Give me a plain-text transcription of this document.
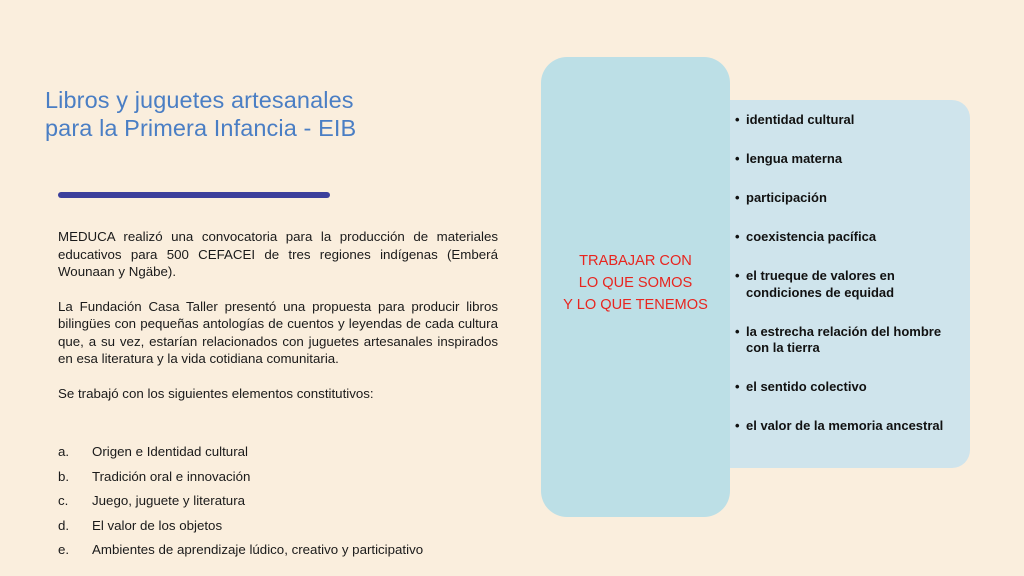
Libros y juguetes artesanales
para la Primera Infancia - EIB

MEDUCA realizó una convocatoria para la producción de materiales educativos para 500 CEFACEI de tres regiones indígenas (Emberá Wounaan y Ngäbe).

La Fundación Casa Taller presentó una propuesta para producir libros bilingües con pequeñas antologías de cuentos y leyendas de cada cultura que, a su vez, estarían relacionados con juguetes artesanales inspirados en esa literatura y la vida cotidiana comunitaria.

Se trabajó con los siguientes elementos constitutivos:

a.	Origen e Identidad cultural
b.	Tradición oral e innovación
c.	Juego, juguete y literatura
d.	El valor de los objetos
e.	Ambientes de aprendizaje lúdico, creativo y participativo
TRABAJAR CON
LO QUE SOMOS
Y LO QUE TENEMOS
• identidad cultural
• lengua materna
• participación
• coexistencia pacífica
• el trueque de valores en condiciones de equidad
• la estrecha relación del hombre con la tierra
• el sentido colectivo
• el valor de la memoria ancestral
